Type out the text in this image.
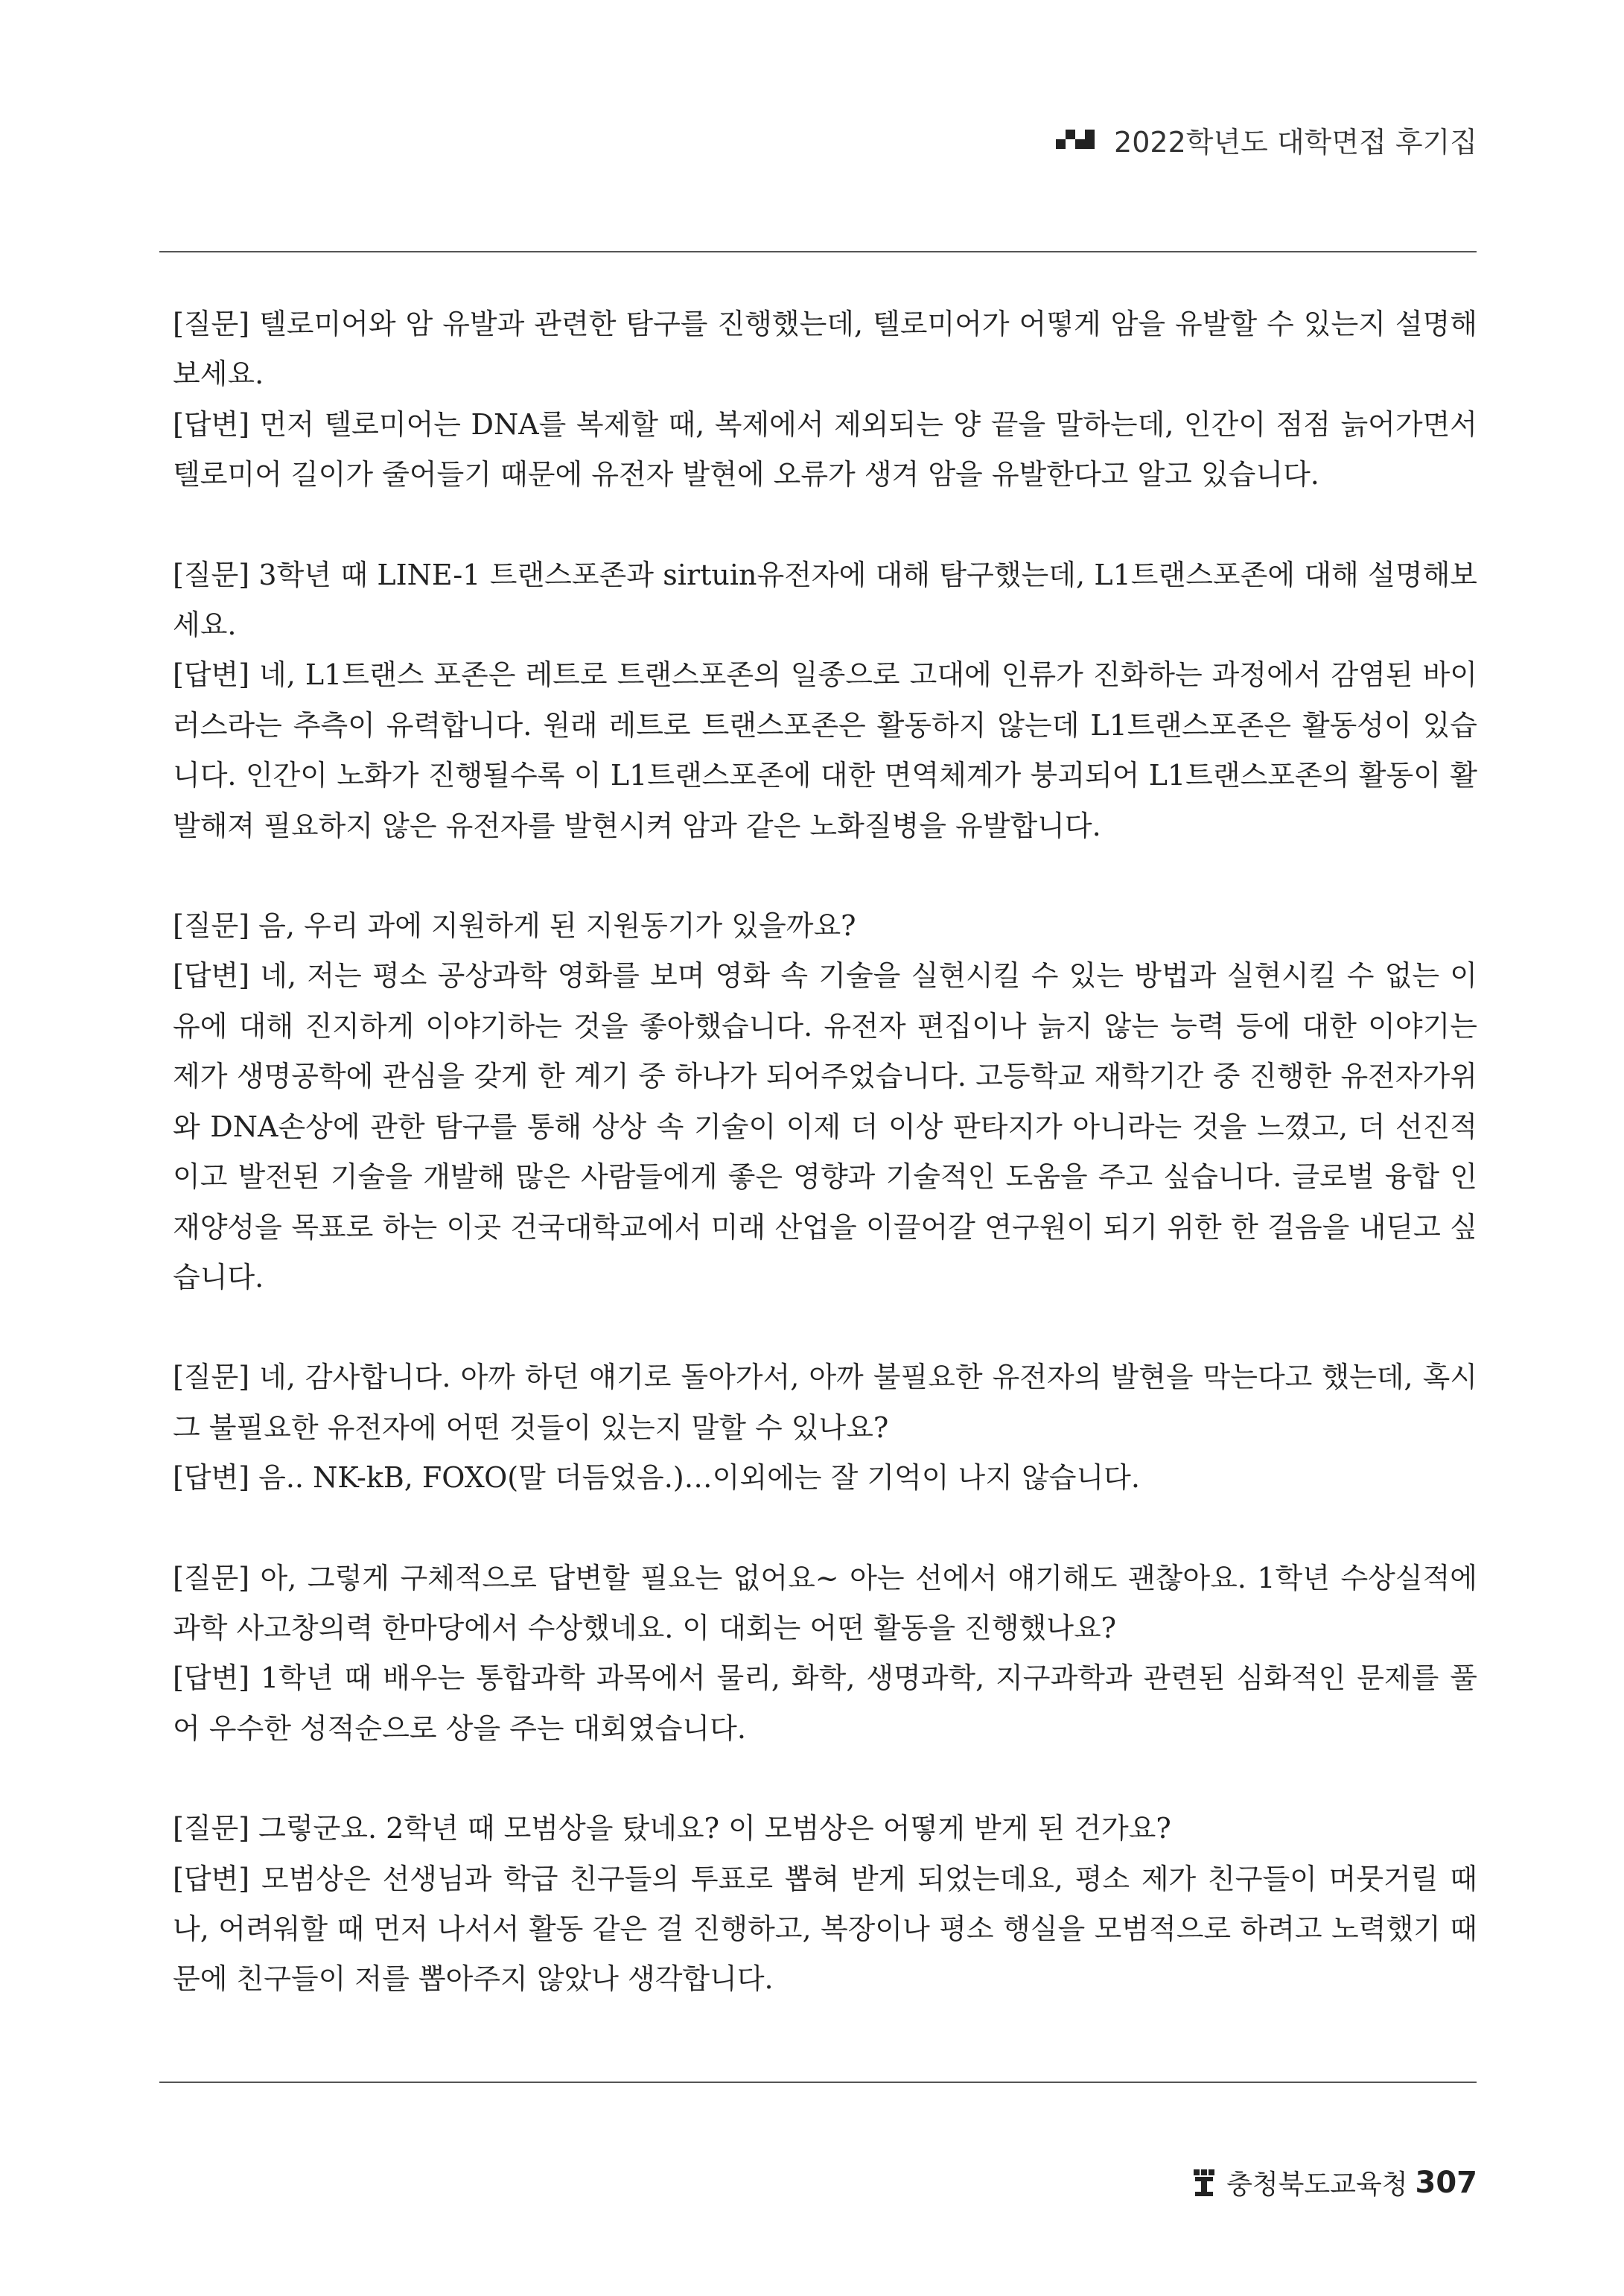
2022학년도 대학면접 후기집

[질문] 텔로미어와 암 유발과 관련한 탐구를 진행했는데, 텔로미어가 어떻게 암을 유발할 수 있는지 설명해보세요.

[답변] 먼저 텔로미어는 DNA를 복제할 때, 복제에서 제외되는 양 끝을 말하는데, 인간이 점점 늙어가면서 텔로미어 길이가 줄어들기 때문에 유전자 발현에 오류가 생겨 암을 유발한다고 알고 있습니다.

[질문] 3학년 때 LINE-1 트랜스포존과 sirtuin유전자에 대해 탐구했는데, L1트랜스포존에 대해 설명해보세요.

[답변] 네, L1트랜스 포존은 레트로 트랜스포존의 일종으로 고대에 인류가 진화하는 과정에서 감염된 바이러스라는 추측이 유력합니다. 원래 레트로 트랜스포존은 활동하지 않는데 L1트랜스포존은 활동성이 있습니다. 인간이 노화가 진행될수록 이 L1트랜스포존에 대한 면역체계가 붕괴되어 L1트랜스포존의 활동이 활발해져 필요하지 않은 유전자를 발현시켜 암과 같은 노화질병을 유발합니다.

[질문] 음, 우리 과에 지원하게 된 지원동기가 있을까요?

[답변] 네, 저는 평소 공상과학 영화를 보며 영화 속 기술을 실현시킬 수 있는 방법과 실현시킬 수 없는 이유에 대해 진지하게 이야기하는 것을 좋아했습니다. 유전자 편집이나 늙지 않는 능력 등에 대한 이야기는 제가 생명공학에 관심을 갖게 한 계기 중 하나가 되어주었습니다. 고등학교 재학기간 중 진행한 유전자가위와 DNA손상에 관한 탐구를 통해 상상 속 기술이 이제 더 이상 판타지가 아니라는 것을 느꼈고, 더 선진적이고 발전된 기술을 개발해 많은 사람들에게 좋은 영향과 기술적인 도움을 주고 싶습니다. 글로벌 융합 인재양성을 목표로 하는 이곳 건국대학교에서 미래 산업을 이끌어갈 연구원이 되기 위한 한 걸음을 내딛고 싶습니다.

[질문] 네, 감사합니다. 아까 하던 얘기로 돌아가서, 아까 불필요한 유전자의 발현을 막는다고 했는데, 혹시 그 불필요한 유전자에 어떤 것들이 있는지 말할 수 있나요?

[답변] 음.. NK-kB, FOXO(말 더듬었음.)…이외에는 잘 기억이 나지 않습니다.

[질문] 아, 그렇게 구체적으로 답변할 필요는 없어요~ 아는 선에서 얘기해도 괜찮아요. 1학년 수상실적에 과학 사고창의력 한마당에서 수상했네요. 이 대회는 어떤 활동을 진행했나요?

[답변] 1학년 때 배우는 통합과학 과목에서 물리, 화학, 생명과학, 지구과학과 관련된 심화적인 문제를 풀어 우수한 성적순으로 상을 주는 대회였습니다.

[질문] 그렇군요. 2학년 때 모범상을 탔네요? 이 모범상은 어떻게 받게 된 건가요?

[답변] 모범상은 선생님과 학급 친구들의 투표로 뽑혀 받게 되었는데요, 평소 제가 친구들이 머뭇거릴 때나, 어려워할 때 먼저 나서서 활동 같은 걸 진행하고, 복장이나 평소 행실을 모범적으로 하려고 노력했기 때문에 친구들이 저를 뽑아주지 않았나 생각합니다.

충청북도교육청 307
